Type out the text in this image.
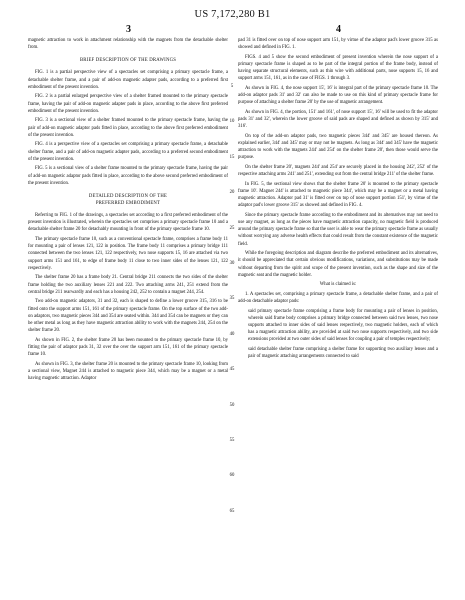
US 7,172,280 B1
3	4

magnetic attraction to work in attachment relationship with the magnets from the detachable shelter from.

BRIEF DESCRIPTION OF THE DRAWINGS

FIG. 1 is a partial perspective view of a spectacles set comprising a primary spectacle frame, a detachable shelter frame, and a pair of add-on magnetic adapter pads, according to a preferred first embodiment of the present invention.

FIG. 2 is a partial enlarged perspective view of a shelter framed mounted to the primary spectacle frame, having the pair of add-on magnetic adapter pads in place, according to the above first preferred embodiment of the present invention.

FIG. 3 is a sectional view of a shelter framed mounted to the primary spectacle frame, having the pair of add-on magnetic adaptor pads fitted in place, according to the above first preferred embodiment of the present invention.

FIG. 4 is a perspective view of a spectacles set comprising a primary spectacle frame, a detachable shelter frame, and a pair of add-on magnetic adapter pads, according to a preferred second embodiment of the present invention.

FIG. 5 is a sectional view of a shelter frame mounted to the primary spectacle frame, having the pair of add-on magnetic adaptor pads fitted in place, according to the above second preferred embodiment of the present invention.

DETAILED DESCRIPTION OF THE

PREFERRED EMBODIMENT

Referring to FIG. 1 of the drawings, a spectacles set according to a first preferred embodiment of the present invention is illustrated, wherein the spectacles set comprises a primary spectacle frame 10 and a detachable shelter frame 20 for detachably mounting in front of the primary spectacle frame 10.

The primary spectacle frame 10, such as a conventional spectacle frame, comprises a frame body 11 for mounting a pair of lenses 121, 122 in position. The frame body 11 comprises a primary bridge 111 connected between the two lenses 121, 122 respectively, two nose supports 15, 16 are attached via two support arms 151 and 161, to edge of frame body 11 close to two inner sides of the lenses 121, 122 respectively.

The shelter frame 20 has a frame body 21. Central bridge 211 connects the two sides of the shelter frame holding the two auxiliary lenses 221 and 222. Two attaching arms 241, 251 extend from the central bridge 211 rearwardly and each has a housing 242, 252 to contain a magnet 244, 254.

Two add-on magnetic adaptors, 31 and 32, each is shaped to define a lower groove 315, 316 to be fitted onto the support arms 151, 161 of the primary spectacle frame. On the top surface of the two add-on adaptors, two magnetic pieces 344 and 354 are seated within. 344 and 354 can be magnets or they can be other metal as long as they have magnetic attraction ability to work with the magnets 244, 254 on the shelter frame 20.

As shown in FIG. 2, the shelter frame 20 has been mounted to the primary spectacle frame 10, by fitting the pair of adaptor pads 31, 32 over the over the support arm 151, 161 of the primary spectacle frame 10.

As shown in FIG. 3, the shelter frame 20 is mounted to the primary spectacle frame 10, looking from a sectional view, Magnet 244 is attached to magnetic piece 344, which may be a magnet or a metal having magnetic attraction. Adaptor

pad 31 is fitted over on top of nose support arm 151, by virtue of the adaptor pad's lower groove 315 as showed and defined in FIG. 1.

FIGS. 4 and 5 show the second embodiment of present invention wherein the nose support of a primary spectacle frame is shaped as to be part of the integral portion of the frame body, instead of having separate structural elements, such as thin wire with additional parts, nose supports 15, 16 and support arms 151, 161, as in the case of FIGS. 1 through 3.

As shown in FIG. 4, the nose support 15', 16' is integral part of the primary spectacle frame 10. The add-on adaptor pads 31' and 32' can also be made to use on this kind of primary spectacle frame for purpose of attaching a shelter frame 20' by the use of magnetic arrangement.

As shown in FIG. 4, the portion, 151' and 161', of nose support 15', 16' will be used to fit the adaptor pads 31' and 32', wherein the lower groove of said pads are shaped and defined as shown by 315' and 316'.

On top of the add-on adaptor pads, two magnetic pieces 344' and 345' are housed thereon. As explained earlier, 344' and 345' may or may not be magnets. As long as 344' and 345' have the magnetic attraction to work with the magnets 244' and 254' on the shelter frame 20', then those would serve the purpose.

On the shelter frame 20', magnets 244' and 254' are securely placed in the housing 242', 252' of the respective attaching arms 241' and 251', extending out from the central bridge 211' of the shelter frame.

In FIG. 5, the sectional view shows that the shelter frame 20' is mounted to the primary spectacle frame 10'. Magnet 244' is attached to magnetic piece 344', which may be a magnet or a metal having magnetic attraction. Adaptor pad 31' is fitted over on top of nose support portion 151', by virtue of the adaptor pad's lower groove 315' as showed and defined in FIG. 4.

Since the primary spectacle frame according to the embodiment and its alternatives may not need to use any magnet, as long as the pieces have magnetic attraction capacity, no magnetic field is produced around the primary spectacle frame so that the user is able to wear the primary spectacle frame as usually without worrying any adverse health effects that could result from the constant existence of the magnetic field.

While the foregoing description and diagram describe the preferred embodiment and its alternatives, it should be appreciated that certain obvious modifications, variations, and substitutions may be made without departing from the spirit and scope of the present invention, such as the shape and size of the magnetic seat and the magnetic holder.

What is claimed is:

1. A spectacles set, comprising a primary spectacle frame, a detachable shelter frame, and a pair of add-on detachable adaptor pads:

said primary spectacle frame comprising a frame body for mounting a pair of lenses in position, wherein said frame body comprises a primary bridge connected between said two lenses, two nose supports attached to inner sides of said lenses respectively, two magnetic holders, each of which has a magnetic attraction ability, are provided at said two nose supports respectively, and two side extensions provided at two outer sides of said lenses for coupling a pair of temples respectively;

said detachable shelter frame comprising a shelter frame for supporting two auxiliary lenses and a pair of magnetic attaching arrangements connected to said

5
10
15
20
25
30
35
40
45
50
55
60
65
